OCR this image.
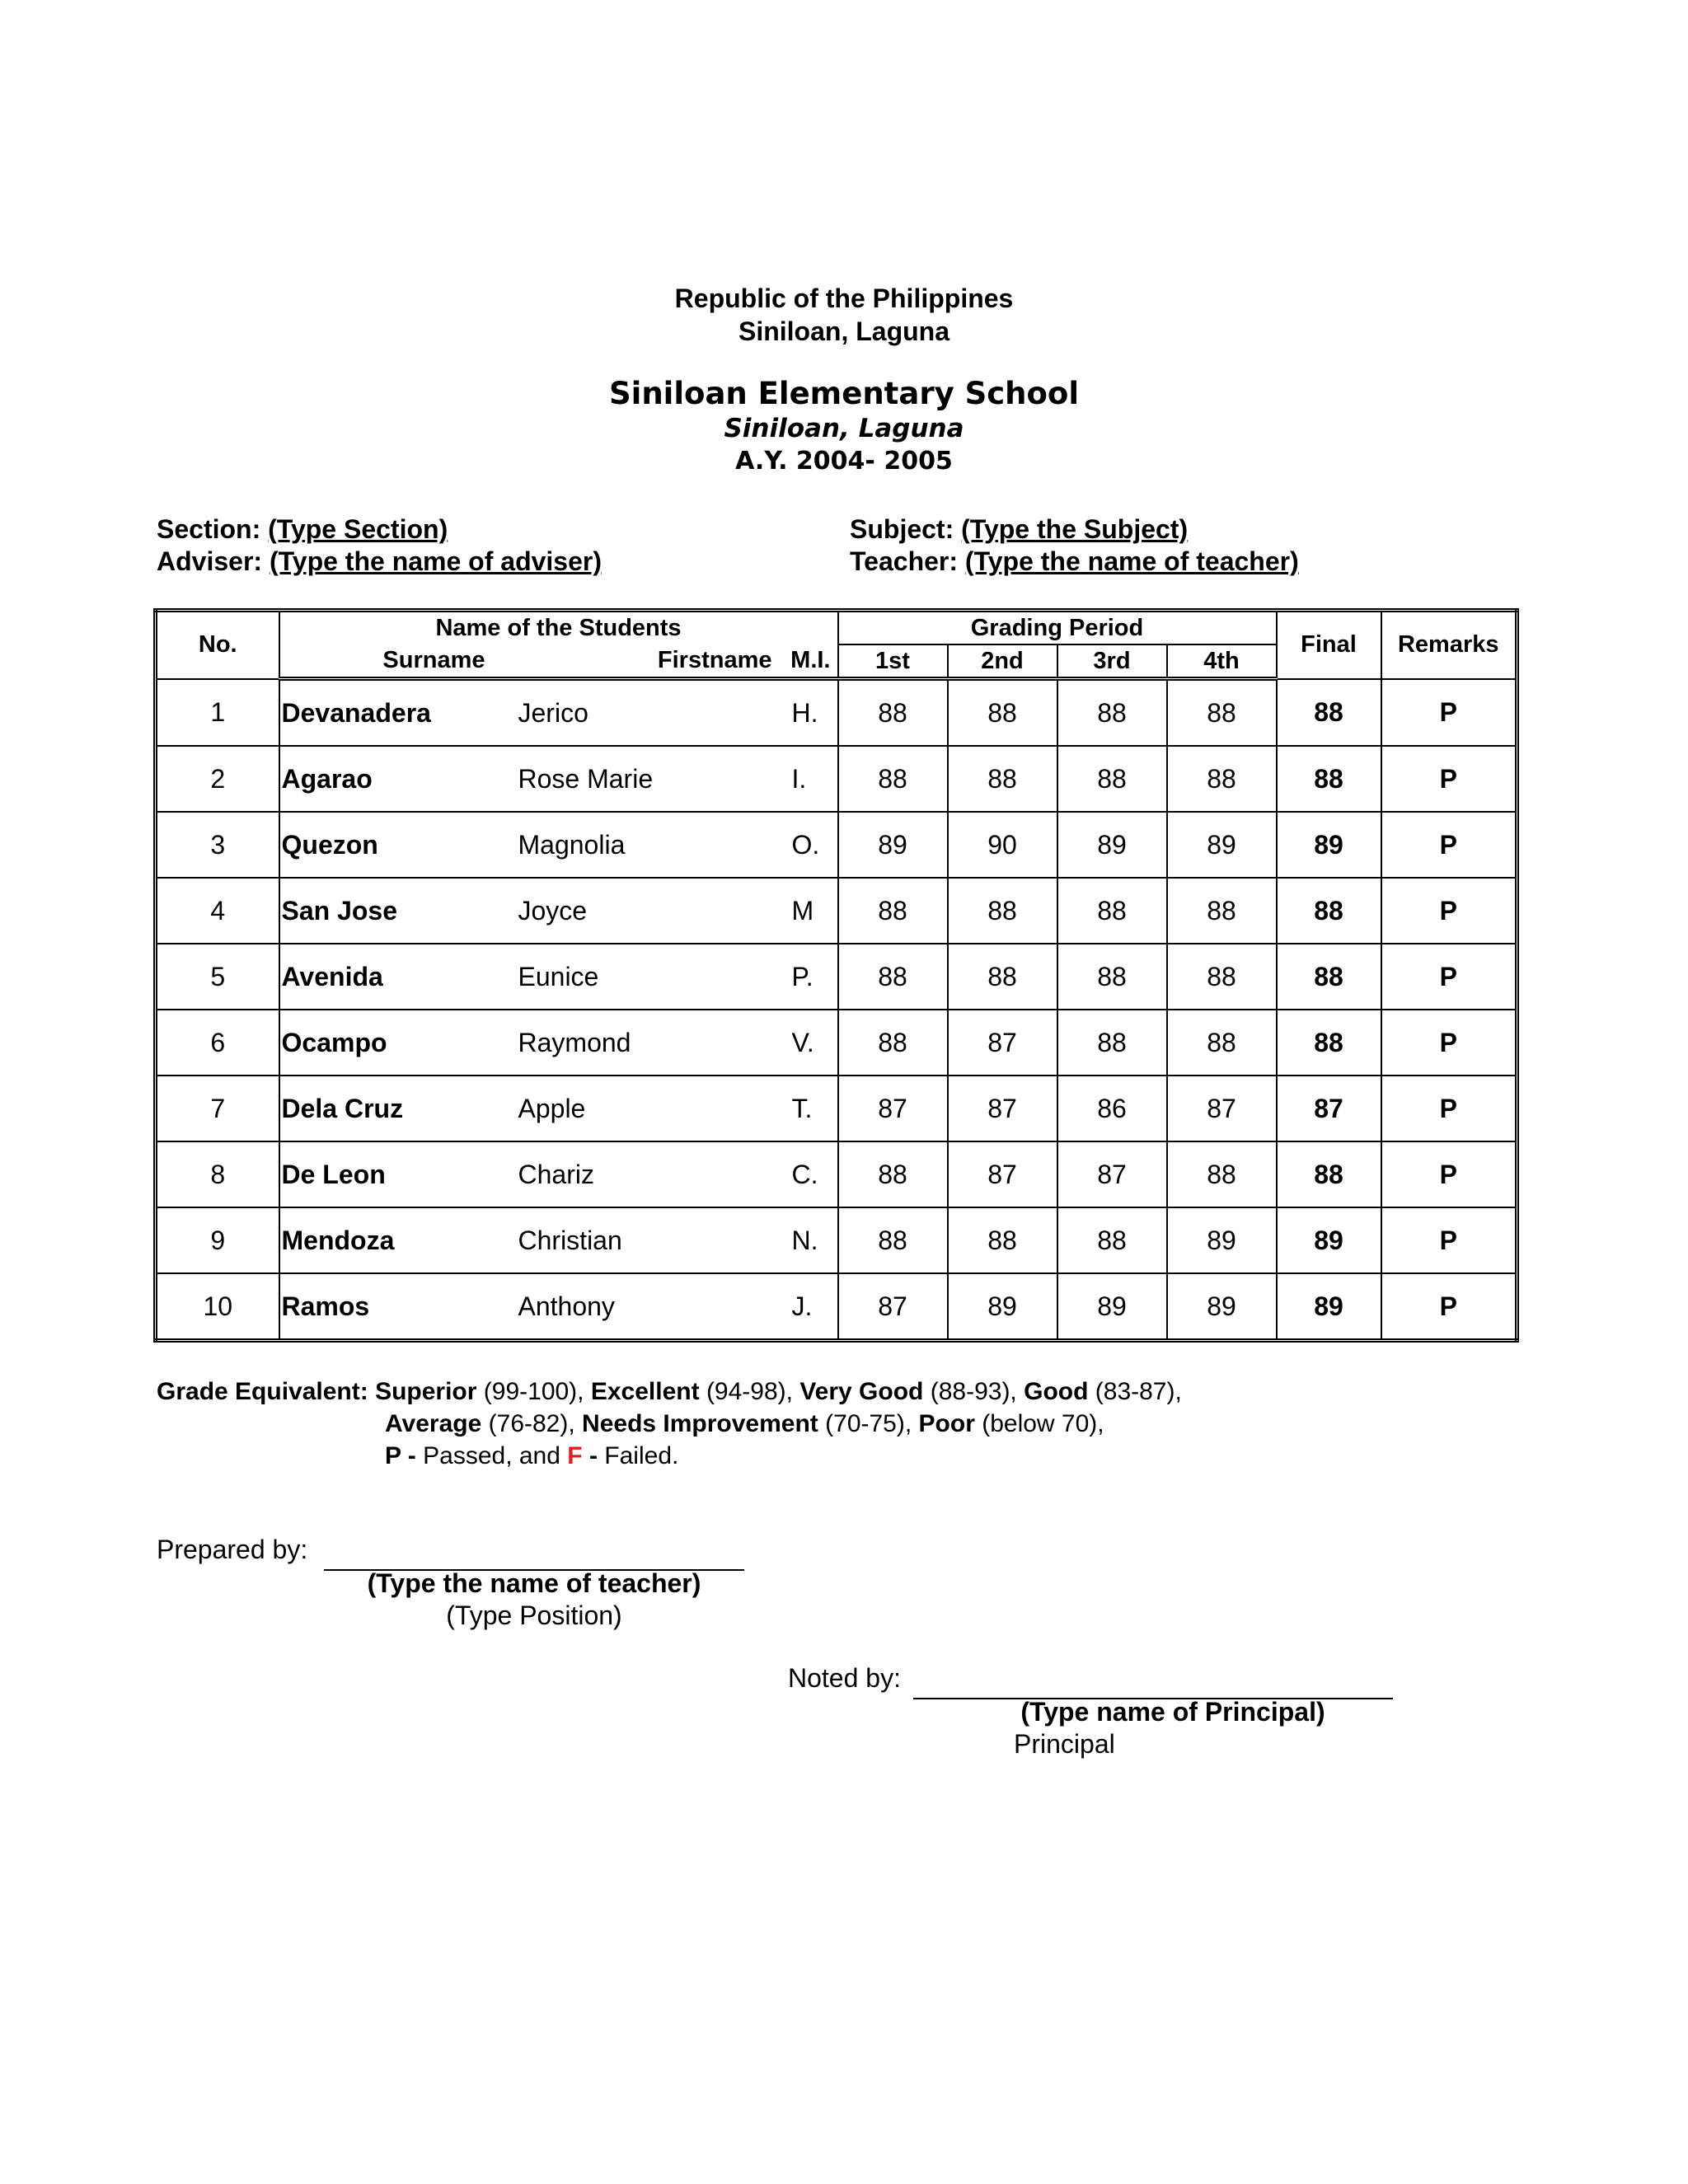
Republic of the Philippines
Siniloan, Laguna
Siniloan Elementary School
Siniloan, Laguna
A.Y. 2004- 2005
Section: (Type Section)
Adviser: (Type the name of adviser)
Subject: (Type the Subject)
Teacher: (Type the name of teacher)
No.	Name of the Students			Grading Period				Final	Remarks
	Surname	Firstname	M.I.	1st	2nd	3rd	4th		
1	Devanadera	Jerico	H.	88	88	88	88	88	P
2	Agarao	Rose Marie	I.	88	88	88	88	88	P
3	Quezon	Magnolia	O.	89	90	89	89	89	P
4	San Jose	Joyce	M	88	88	88	88	88	P
5	Avenida	Eunice	P.	88	88	88	88	88	P
6	Ocampo	Raymond	V.	88	87	88	88	88	P
7	Dela Cruz	Apple	T.	87	87	86	87	87	P
8	De Leon	Chariz	C.	88	87	87	88	88	P
9	Mendoza	Christian	N.	88	88	88	89	89	P
10	Ramos	Anthony	J.	87	89	89	89	89	P
Grade Equivalent: Superior (99-100), Excellent (94-98), Very Good (88-93), Good (83-87),
Average (76-82), Needs Improvement (70-75), Poor (below 70),
P - Passed, and F - Failed.
Prepared by:
(Type the name of teacher)
(Type Position)
Noted by:
(Type name of Principal)
Principal
